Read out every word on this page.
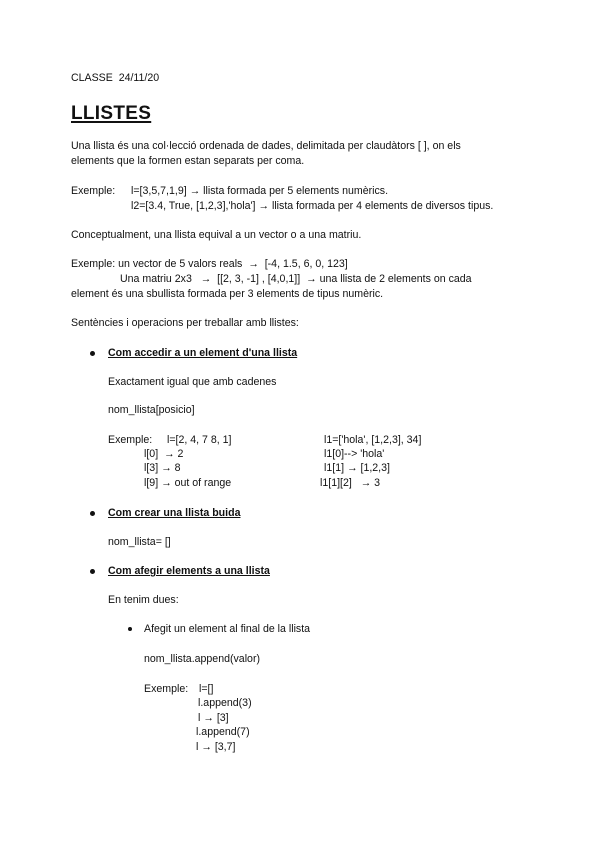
CLASSE  24/11/20
LLISTES
Una llista és una col·lecció ordenada de dades, delimitada per claudàtors [ ], on els
elements que la formen estan separats per coma.
Exemple: l=[3,5,7,1,9] → llista formada per 5 elements numèrics.
l2=[3.4, True, [1,2,3],'hola'] → llista formada per 4 elements de diversos tipus.
Conceptualment, una llista equival a un vector o a una matriu.
Exemple: un vector de 5 valors reals  →  [-4, 1.5, 6, 0, 123]
Una matriu 2x3   →  [[2, 3, -1] , [4,0,1]]  → una llista de 2 elements on cada
element és una sbullista formada per 3 elements de tipus numèric.
Sentències i operacions per treballar amb llistes:
Com accedir a un element d'una llista
Exactament igual que amb cadenes
nom_llista[posicio]
Exemple: l=[2, 4, 7 8, 1]
l[0]  → 2
l[3] → 8
l[9] → out of range
l1=['hola', [1,2,3], 34]
l1[0]--> 'hola'
l1[1] → [1,2,3]
l1[1][2]   → 3
Com crear una llista buida
nom_llista= []
Com afegir elements a una llista
En tenim dues:
Afegit un element al final de la llista
nom_llista.append(valor)
Exemple: l=[]
l.append(3)
l → [3]
l.append(7)
l → [3,7]
